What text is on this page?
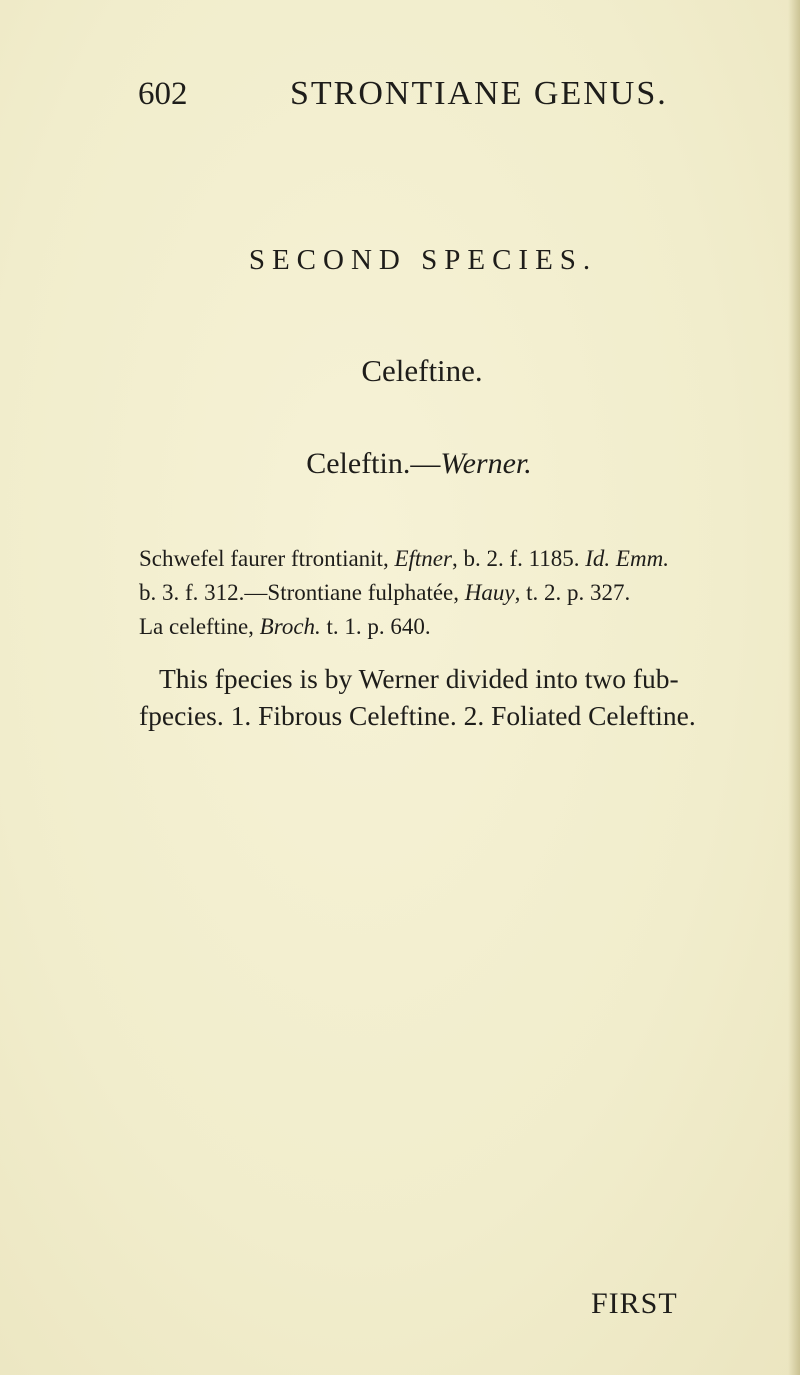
602	STRONTIANE GENUS.
SECOND SPECIES.
Celeftine.
Celeftin.—Werner.
Schwefel faurer ftrontianit, Eftner, b. 2. f. 1185. Id. Emm.
b. 3. f. 312.—Strontiane fulphatée, Hauy, t. 2. p. 327.
La celeftine, Broch. t. 1. p. 640.
This fpecies is by Werner divided into two fub-
fpecies. 1. Fibrous Celeftine. 2. Foliated Celeftine.
FIRST
